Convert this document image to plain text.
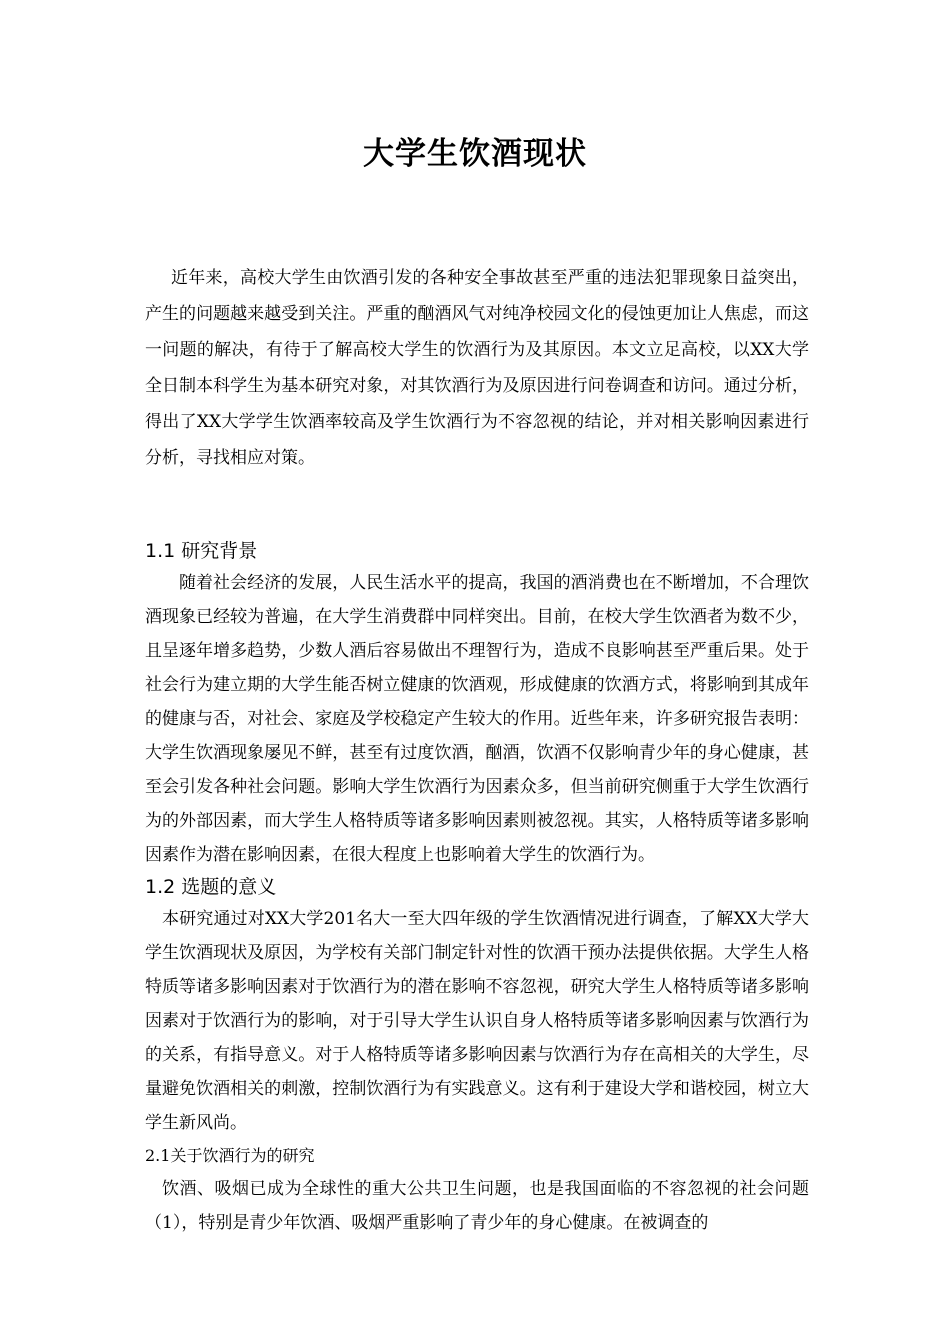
大学生饮酒现状

近年来，高校大学生由饮酒引发的各种安全事故甚至严重的违法犯罪现象日益突出，产生的问题越来越受到关注。严重的酗酒风气对纯净校园文化的侵蚀更加让人焦虑，而这一问题的解决，有待于了解高校大学生的饮酒行为及其原因。本文立足高校，以XX大学全日制本科学生为基本研究对象，对其饮酒行为及原因进行问卷调查和访问。通过分析，得出了XX大学学生饮酒率较高及学生饮酒行为不容忽视的结论，并对相关影响因素进行分析，寻找相应对策。

1.1 研究背景

随着社会经济的发展，人民生活水平的提高，我国的酒消费也在不断增加，不合理饮酒现象已经较为普遍，在大学生消费群中同样突出。目前，在校大学生饮酒者为数不少，且呈逐年增多趋势，少数人酒后容易做出不理智行为，造成不良影响甚至严重后果。处于社会行为建立期的大学生能否树立健康的饮酒观，形成健康的饮酒方式，将影响到其成年的健康与否，对社会、家庭及学校稳定产生较大的作用。近些年来，许多研究报告表明：大学生饮酒现象屡见不鲜，甚至有过度饮酒，酗酒，饮酒不仅影响青少年的身心健康，甚至会引发各种社会问题。影响大学生饮酒行为因素众多，但当前研究侧重于大学生饮酒行为的外部因素，而大学生人格特质等诸多影响因素则被忽视。其实，人格特质等诸多影响因素作为潜在影响因素，在很大程度上也影响着大学生的饮酒行为。

1.2 选题的意义

本研究通过对XX大学201名大一至大四年级的学生饮酒情况进行调查，了解XX大学大学生饮酒现状及原因，为学校有关部门制定针对性的饮酒干预办法提供依据。大学生人格特质等诸多影响因素对于饮酒行为的潜在影响不容忽视，研究大学生人格特质等诸多影响因素对于饮酒行为的影响，对于引导大学生认识自身人格特质等诸多影响因素与饮酒行为的关系，有指导意义。对于人格特质等诸多影响因素与饮酒行为存在高相关的大学生，尽量避免饮酒相关的刺激，控制饮酒行为有实践意义。这有利于建设大学和谐校园，树立大学生新风尚。

2.1关于饮酒行为的研究

饮酒、吸烟已成为全球性的重大公共卫生问题，也是我国面临的不容忽视的社会问题（1），特别是青少年饮酒、吸烟严重影响了青少年的身心健康。在被调查的
